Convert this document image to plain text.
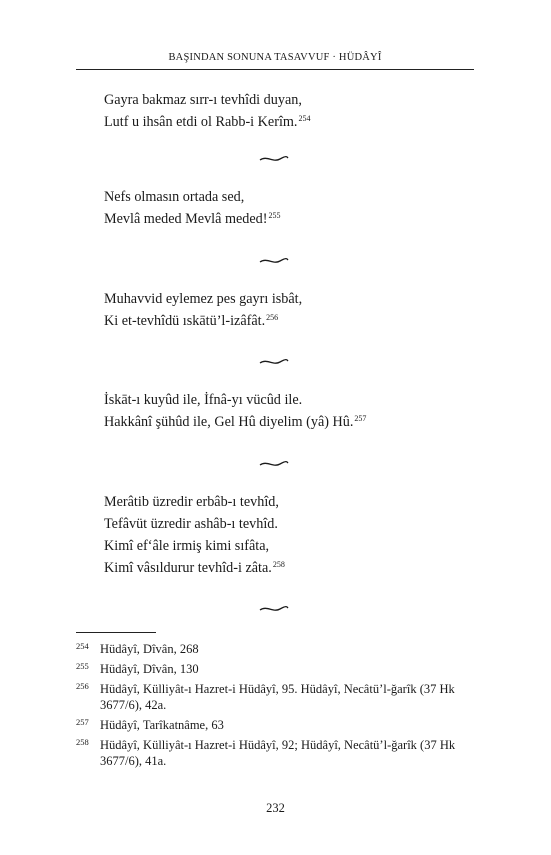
BAŞINDAN SONUNA TASAVVUF · HÜDÂYÎ
Gayra bakmaz sırr-ı tevhîdi duyan,
Lutf u ihsân etdi ol Rabb-i Kerîm.$^{254}$
Nefs olmasın ortada sed,
Mevlâ meded Mevlâ meded!$^{255}$
Muhavvid eylemez pes gayrı isbât,
Ki et-tevhîdü ıskātü’l-izâfât.$^{256}$
İskāt-ı kuyûd ile, İfnâ-yı vücûd ile.
Hakkânî şühûd ile, Gel Hû diyelim (yâ) Hû.$^{257}$
Merâtib üzredir erbâb-ı tevhîd,
Tefâvüt üzredir ashâb-ı tevhîd.
Kimî ef‘âle irmiş kimi sıfâta,
Kimî vâsıldurur tevhîd-i zâta.$^{258}$
254 Hüdâyî, Dîvân, 268
255 Hüdâyî, Dîvân, 130
256 Hüdâyî, Külliyât-ı Hazret-i Hüdâyî, 95. Hüdâyî, Necâtü’l-ğarîk (37 Hk 3677/6), 42a.
257 Hüdâyî, Tarîkatnâme, 63
258 Hüdâyî, Külliyât-ı Hazret-i Hüdâyî, 92; Hüdâyî, Necâtü’l-ğarîk (37 Hk 3677/6), 41a.
232
